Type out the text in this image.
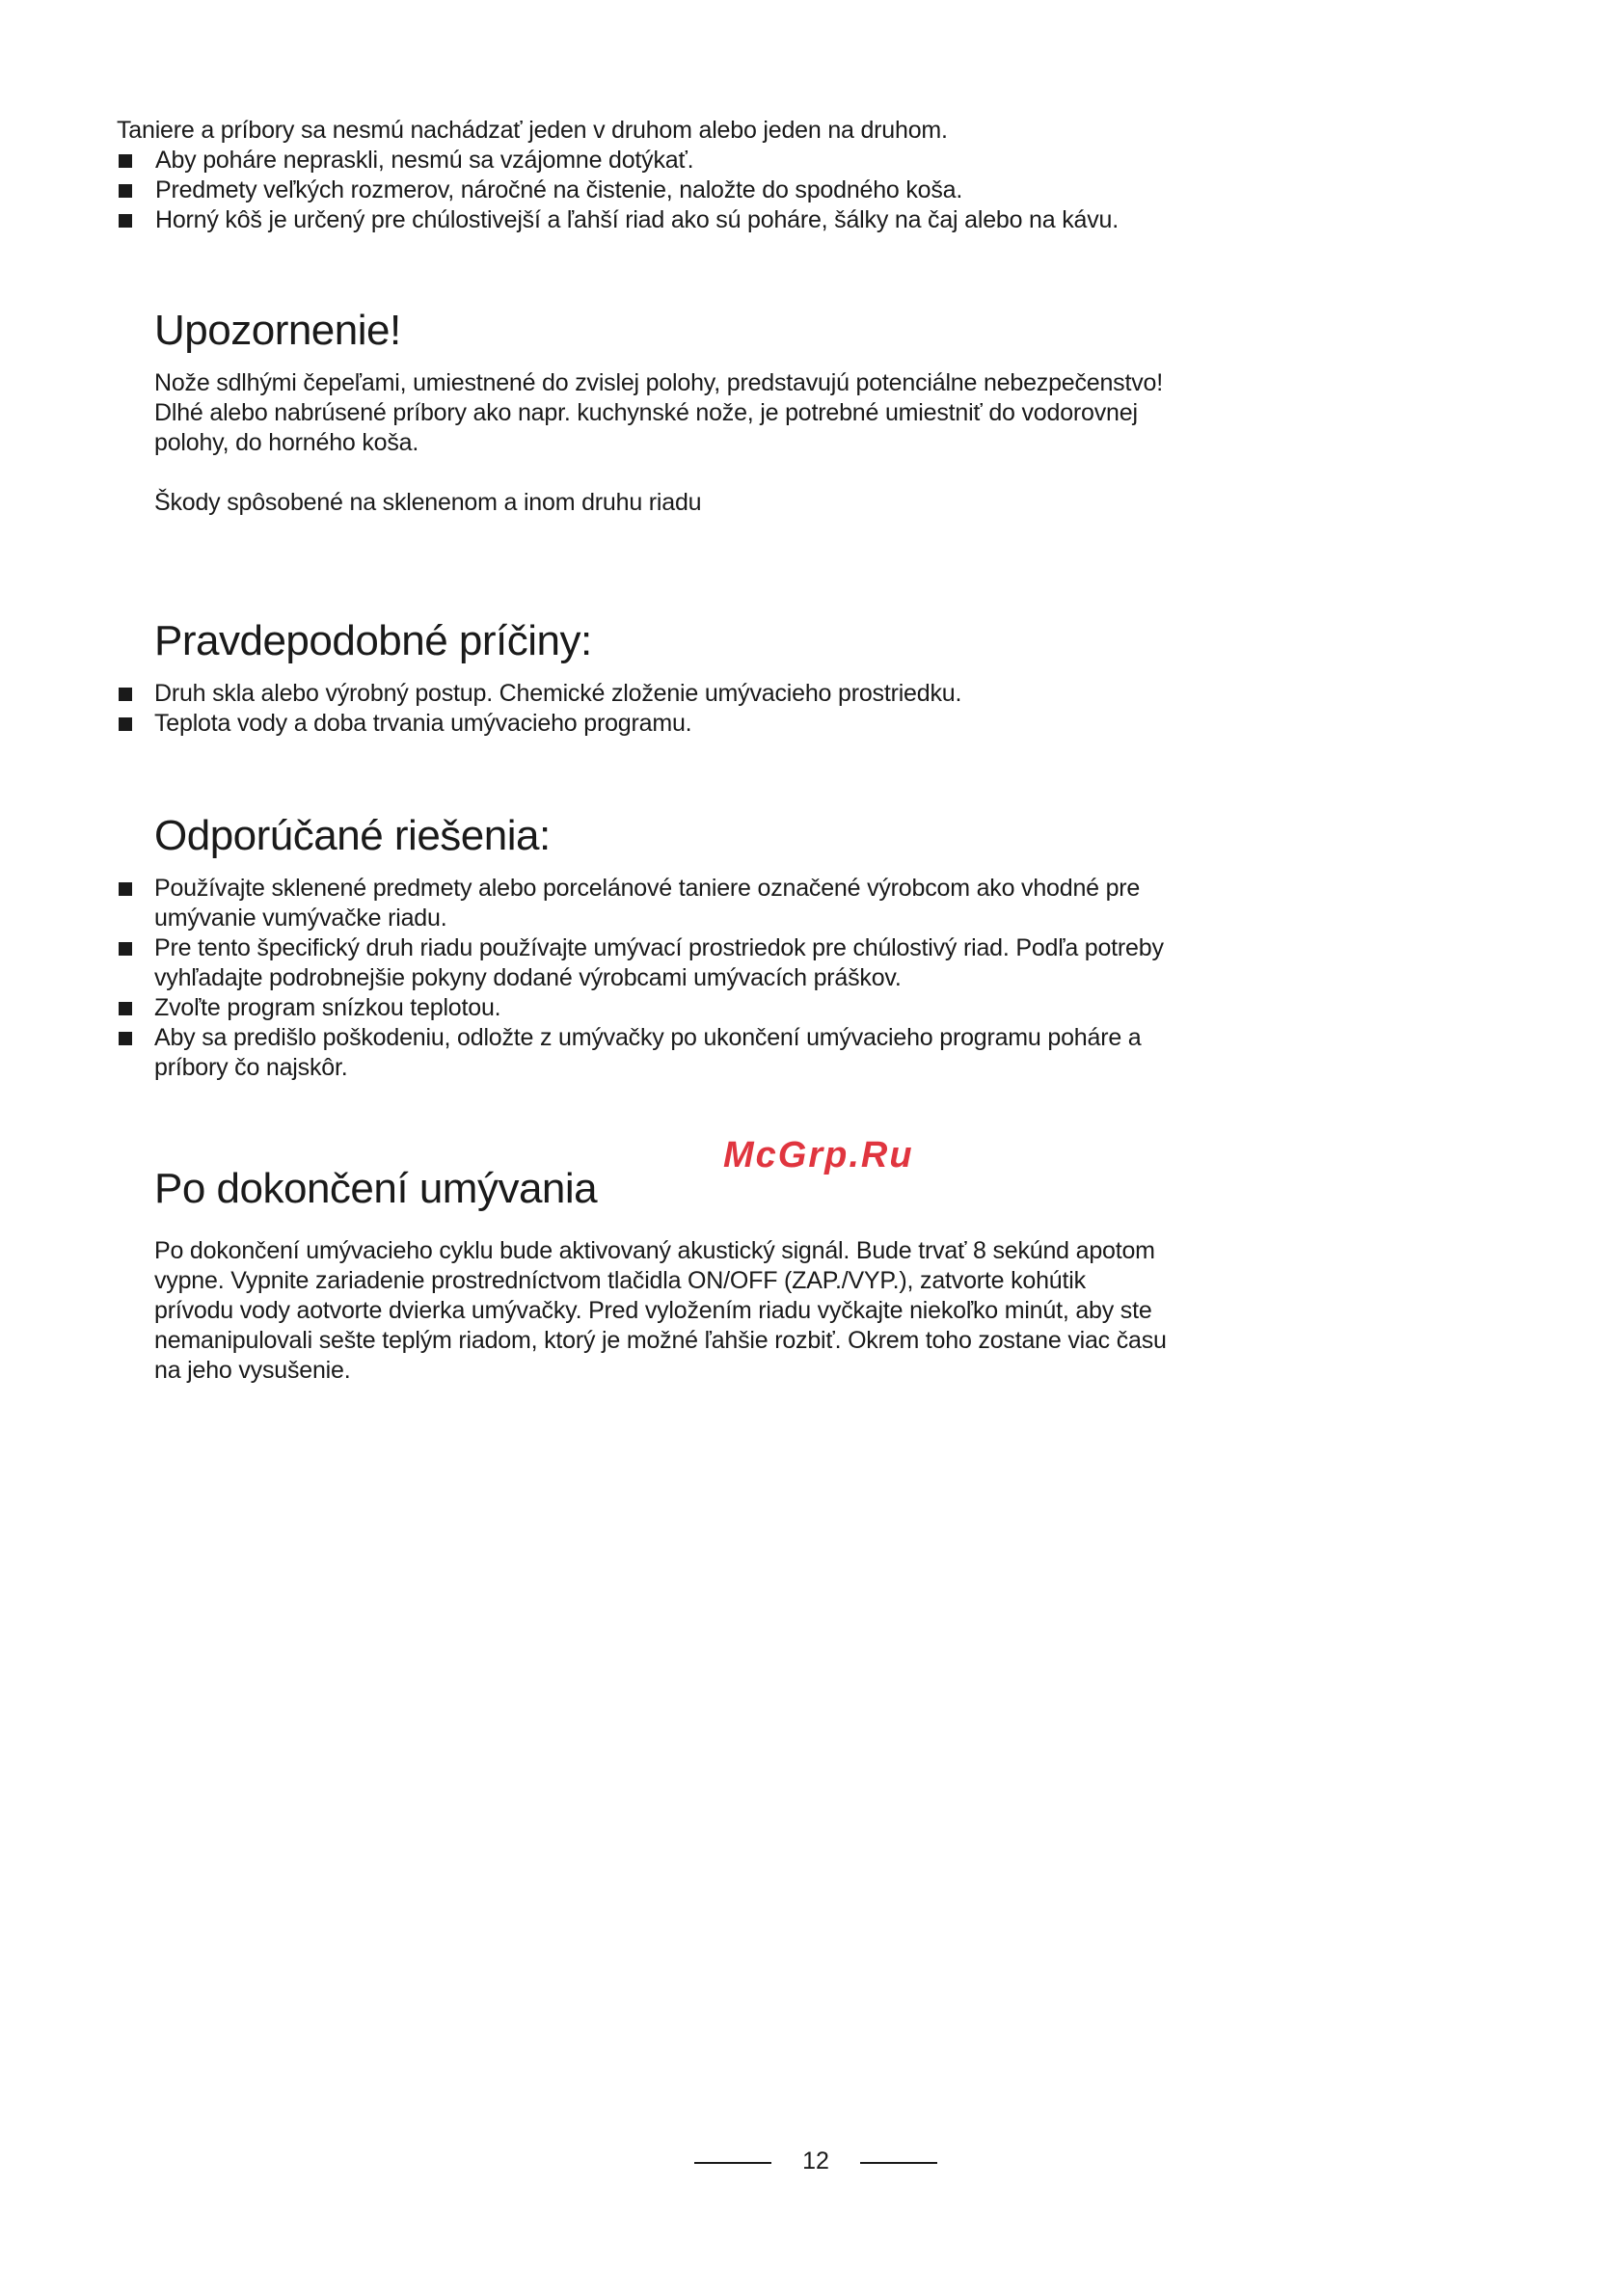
Taniere a príbory sa nesmú nachádzať jeden v druhom alebo jeden na druhom.
Aby poháre nepraskli, nesmú sa vzájomne dotýkať.
Predmety veľkých rozmerov, náročné na čistenie, naložte do spodného koša.
Horný kôš je určený pre chúlostivejší a ľahší riad ako sú poháre, šálky na čaj alebo na kávu.
Upozornenie!

Nože sdlhými čepeľami, umiestnené do zvislej polohy, predstavujú potenciálne nebezpečenstvo!

Dlhé alebo nabrúsené príbory ako napr. kuchynské nože, je potrebné umiestniť do vodorovnej polohy, do horného koša.

Škody spôsobené na sklenenom a inom druhu riadu

Pravdepodobné príčiny:
Druh skla alebo výrobný postup. Chemické zloženie umývacieho prostriedku.
Teplota vody a doba trvania umývacieho programu.
Odporúčané riešenia:
Používajte sklenené predmety alebo porcelánové taniere označené výrobcom ako vhodné pre umývanie vumývačke riadu.
Pre tento špecifický druh riadu používajte umývací prostriedok pre chúlostivý riad. Podľa potreby vyhľadajte podrobnejšie pokyny dodané výrobcami umývacích práškov.
Zvoľte program snízkou teplotou.
Aby sa predišlo poškodeniu, odložte z umývačky po ukončení umývacieho programu poháre a príbory čo najskôr.
McGrp.Ru
Po dokončení umývania

Po dokončení umývacieho cyklu bude aktivovaný akustický signál. Bude trvať 8 sekúnd apotom vypne. Vypnite zariadenie prostredníctvom tlačidla ON/OFF (ZAP./VYP.), zatvorte kohútik prívodu vody aotvorte dvierka umývačky. Pred vyložením riadu vyčkajte niekoľko minút, aby ste nemanipulovali sešte teplým riadom, ktorý je možné ľahšie rozbiť. Okrem toho zostane viac času na jeho vysušenie.

12
